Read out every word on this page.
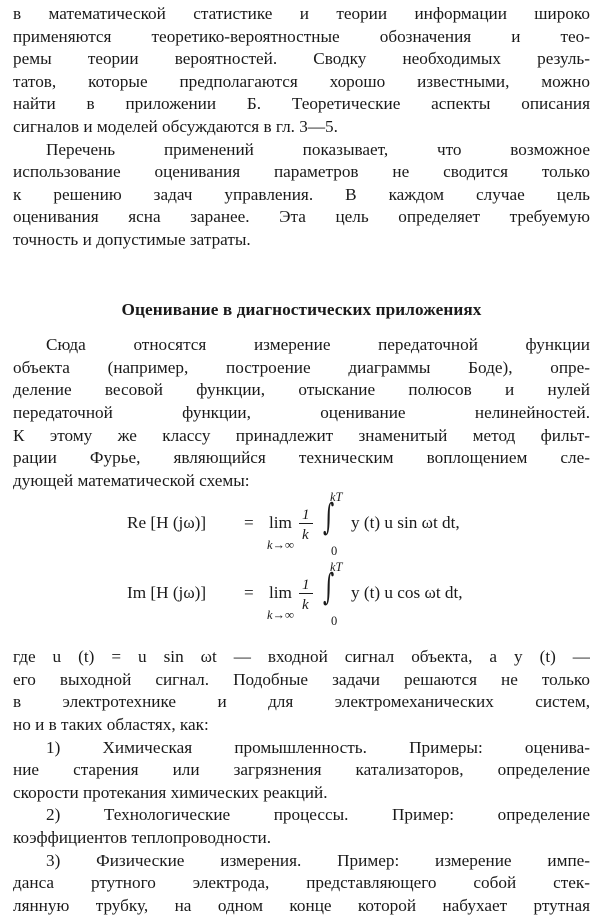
в математической статистике и теории информации широко
применяются теоретико-вероятностные обозначения и тео-
ремы теории вероятностей. Сводку необходимых резуль-
татов, которые предполагаются хорошо известными, можно
найти в приложении Б. Теоретические аспекты описания
сигналов и моделей обсуждаются в гл. 3—5.
Перечень применений показывает, что возможное
использование оценивания параметров не сводится только
к решению задач управления. В каждом случае цель
оценивания ясна заранее. Эта цель определяет требуемую
точность и допустимые затраты.
Оценивание в диагностических приложениях
Сюда относятся измерение передаточной функции
объекта (например, построение диаграммы Боде), опре-
деление весовой функции, отыскание полюсов и нулей
передаточной функции, оценивание нелинейностей.
К этому же классу принадлежит знаменитый метод фильт-
рации Фурье, являющийся техническим воплощением сле-
дующей математической схемы:
Re [H (jω)] = lim
k→∞
1
k ∫
kT
0
y (t) u sin ωt dt,
Im [H (jω)] = lim
k→∞
1
k ∫
kT
0
y (t) u cos ωt dt,
где u (t) = u sin ωt — входной сигнал объекта, а y (t) —
его выходной сигнал. Подобные задачи решаются не только
в электротехнике и для электромеханических систем,
но и в таких областях, как:
1) Химическая промышленность. Примеры: оценива-
ние старения или загрязнения катализаторов, определение
скорости протекания химических реакций.
2) Технологические процессы. Пример: определение
коэффициентов теплопроводности.
3) Физические измерения. Пример: измерение импе-
данса ртутного электрода, представляющего собой стек-
лянную трубку, на одном конце которой набухает ртутная
